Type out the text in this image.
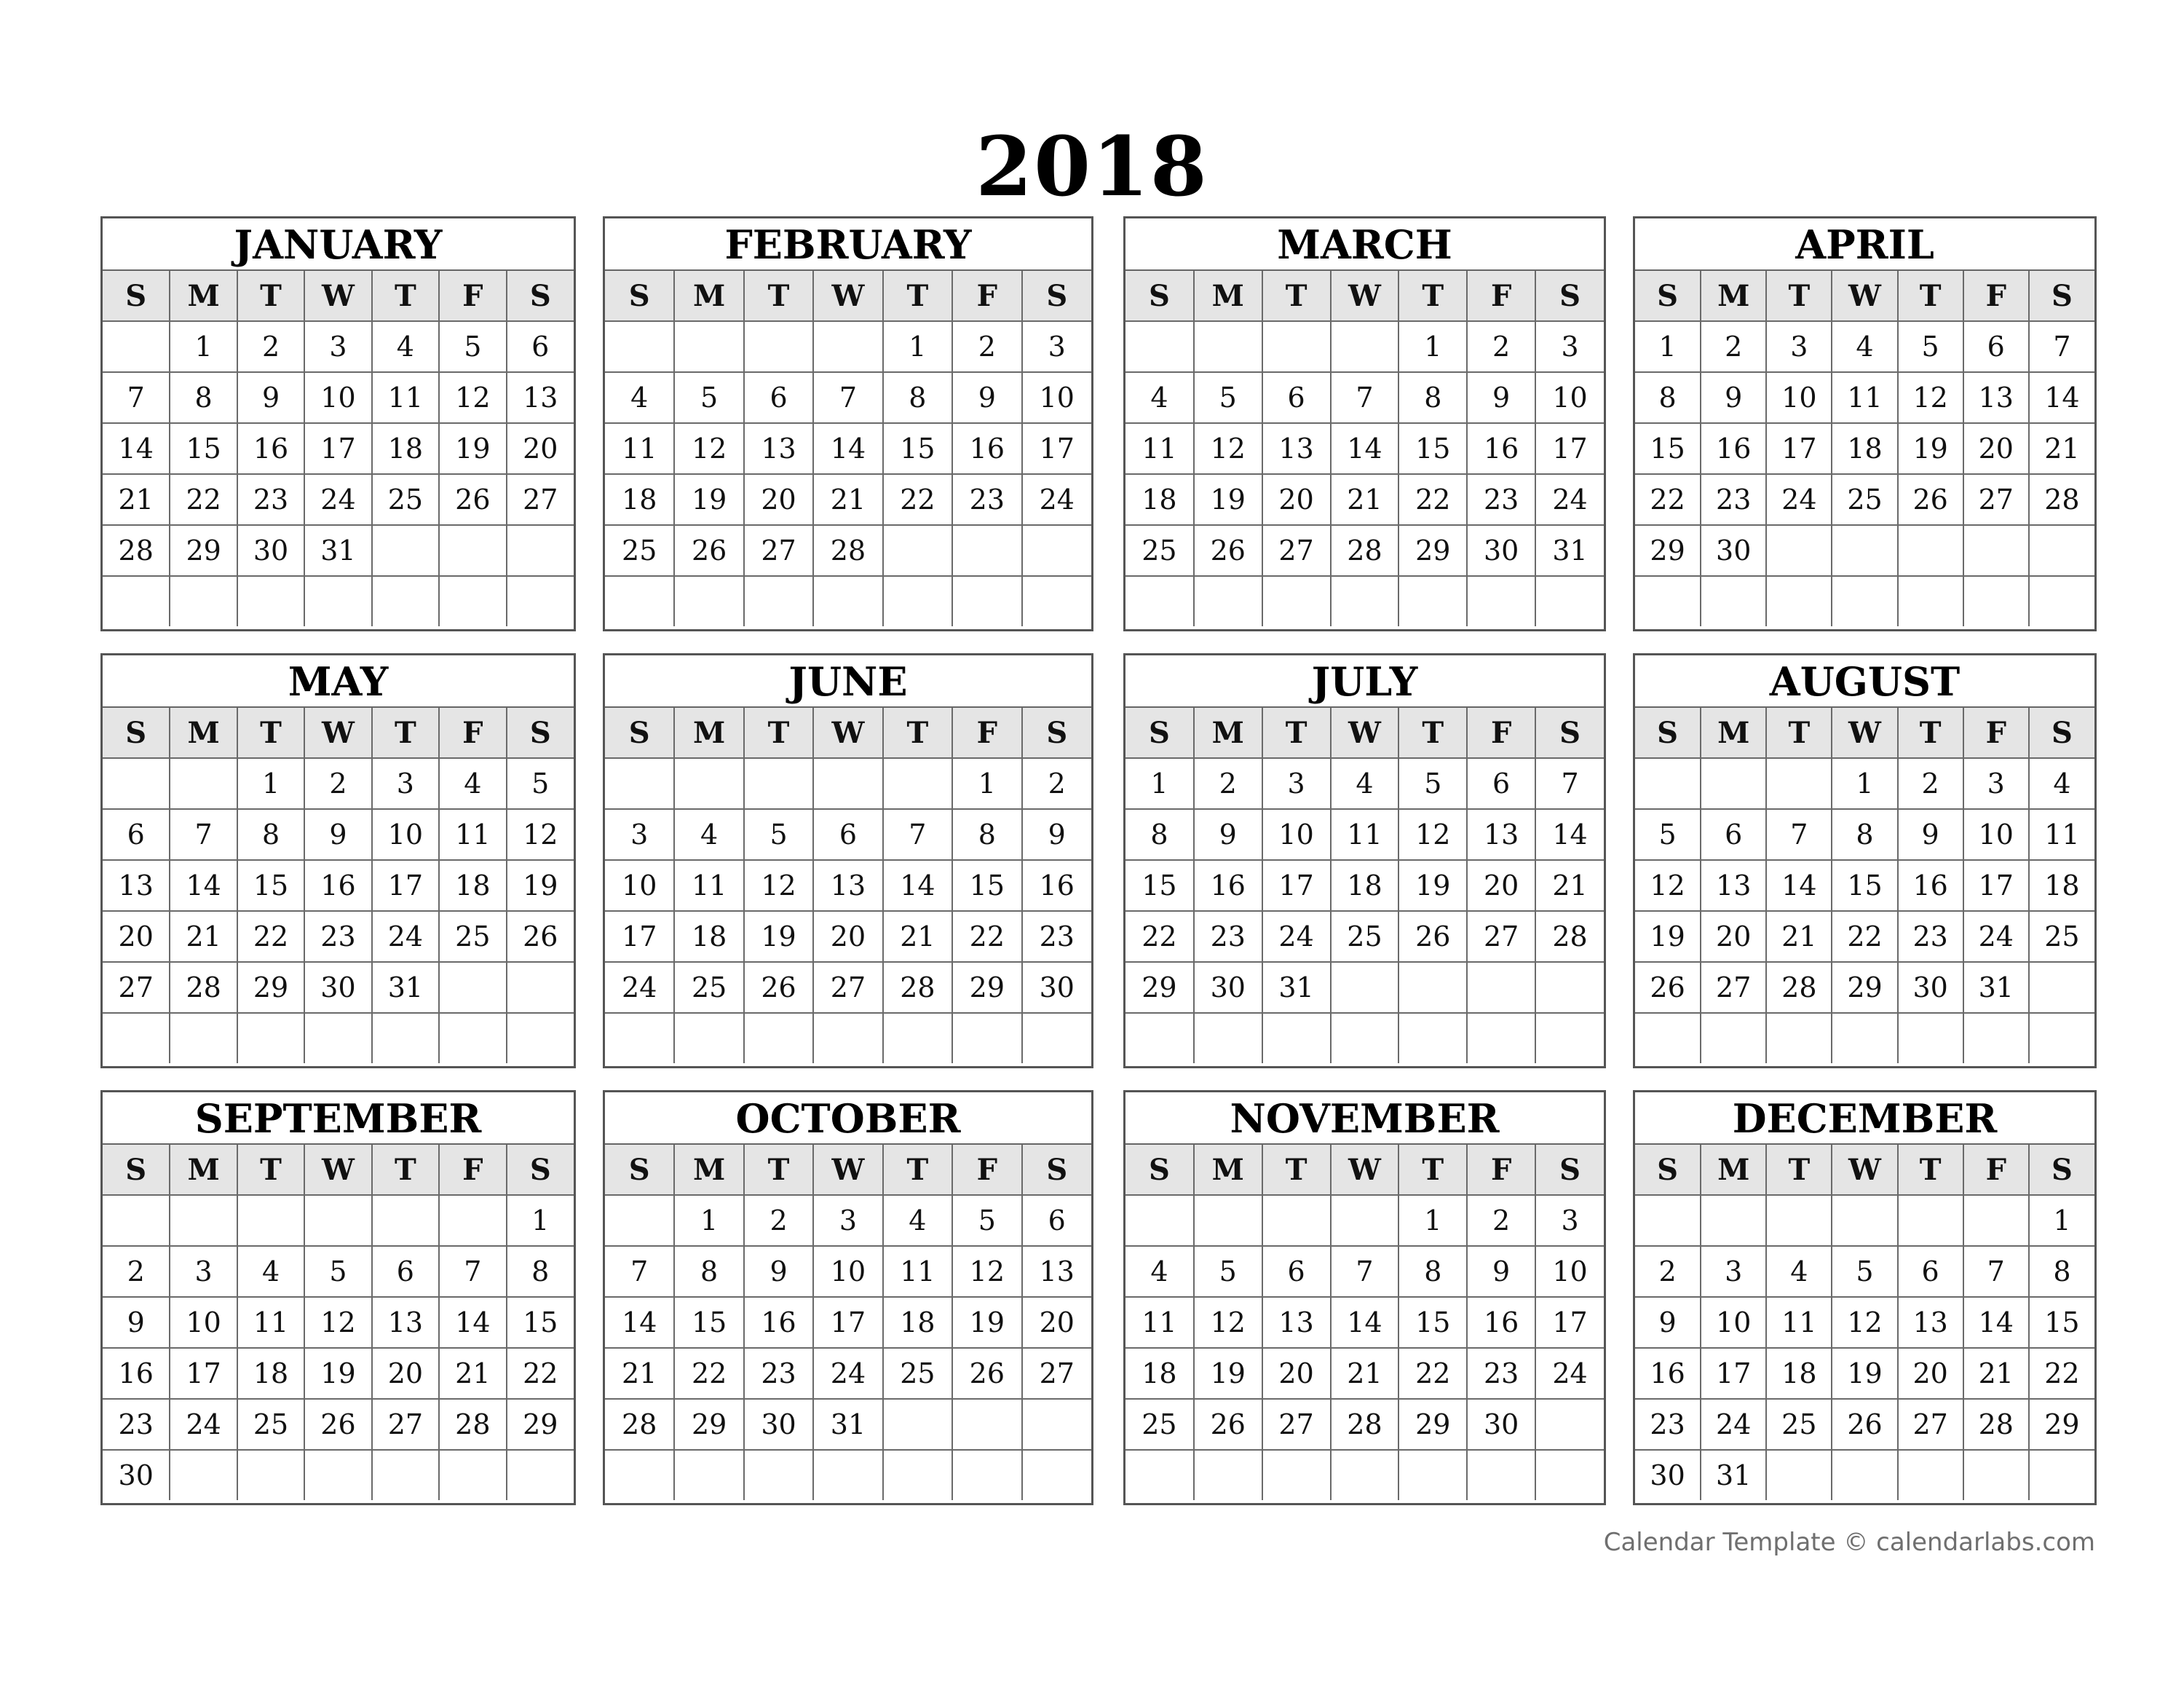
2018
JANUARY
S	M	T	W	T	F	S
	1	2	3	4	5	6
7	8	9	10	11	12	13
14	15	16	17	18	19	20
21	22	23	24	25	26	27
28	29	30	31			

FEBRUARY
S	M	T	W	T	F	S
				1	2	3
4	5	6	7	8	9	10
11	12	13	14	15	16	17
18	19	20	21	22	23	24
25	26	27	28			

MARCH
S	M	T	W	T	F	S
				1	2	3
4	5	6	7	8	9	10
11	12	13	14	15	16	17
18	19	20	21	22	23	24
25	26	27	28	29	30	31

APRIL
S	M	T	W	T	F	S
1	2	3	4	5	6	7
8	9	10	11	12	13	14
15	16	17	18	19	20	21
22	23	24	25	26	27	28
29	30					

MAY
S	M	T	W	T	F	S
		1	2	3	4	5
6	7	8	9	10	11	12
13	14	15	16	17	18	19
20	21	22	23	24	25	26
27	28	29	30	31		

JUNE
S	M	T	W	T	F	S
					1	2
3	4	5	6	7	8	9
10	11	12	13	14	15	16
17	18	19	20	21	22	23
24	25	26	27	28	29	30

JULY
S	M	T	W	T	F	S
1	2	3	4	5	6	7
8	9	10	11	12	13	14
15	16	17	18	19	20	21
22	23	24	25	26	27	28
29	30	31				

AUGUST
S	M	T	W	T	F	S
			1	2	3	4
5	6	7	8	9	10	11
12	13	14	15	16	17	18
19	20	21	22	23	24	25
26	27	28	29	30	31	

SEPTEMBER
S	M	T	W	T	F	S
						1
2	3	4	5	6	7	8
9	10	11	12	13	14	15
16	17	18	19	20	21	22
23	24	25	26	27	28	29
30						
OCTOBER
S	M	T	W	T	F	S
	1	2	3	4	5	6
7	8	9	10	11	12	13
14	15	16	17	18	19	20
21	22	23	24	25	26	27
28	29	30	31			

NOVEMBER
S	M	T	W	T	F	S
				1	2	3
4	5	6	7	8	9	10
11	12	13	14	15	16	17
18	19	20	21	22	23	24
25	26	27	28	29	30	

DECEMBER
S	M	T	W	T	F	S
						1
2	3	4	5	6	7	8
9	10	11	12	13	14	15
16	17	18	19	20	21	22
23	24	25	26	27	28	29
30	31					
Calendar Template © calendarlabs.com
